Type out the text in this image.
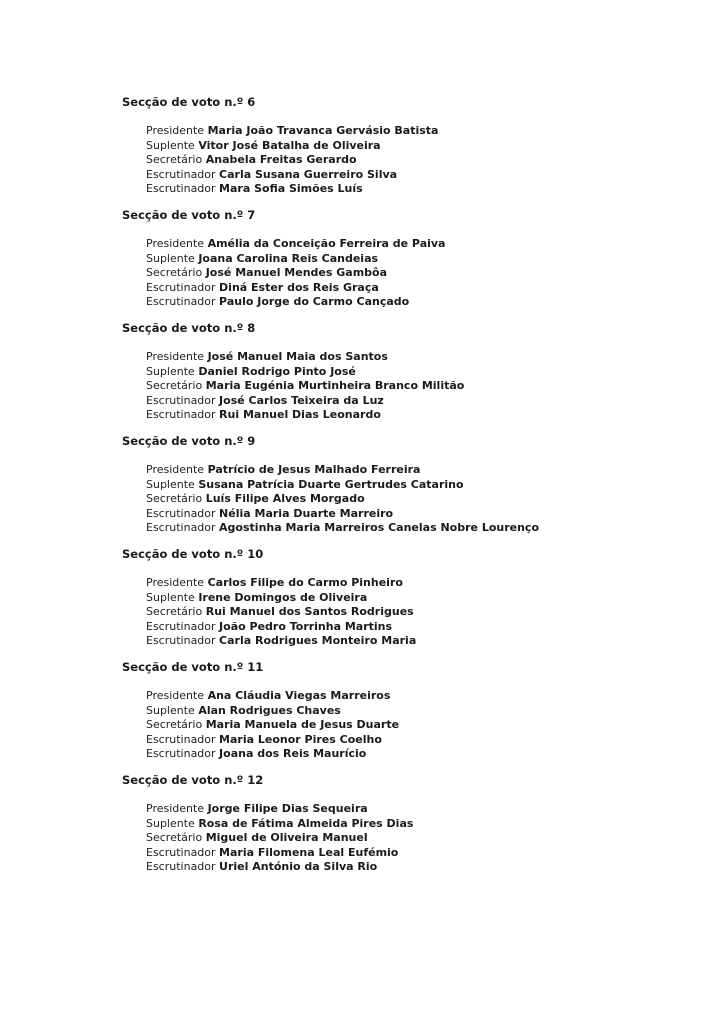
Secção de voto n.º 6
Presidente Maria João Travanca Gervásio Batista
Suplente Vitor José Batalha de Oliveira
Secretário Anabela Freitas Gerardo
Escrutinador Carla Susana Guerreiro Silva
Escrutinador Mara Sofia Simões Luís
Secção de voto n.º 7
Presidente Amélia da Conceição Ferreira de Paiva
Suplente Joana Carolina Reis Candeias
Secretário José Manuel Mendes Gambôa
Escrutinador Diná Ester dos Reis Graça
Escrutinador Paulo Jorge do Carmo Cançado
Secção de voto n.º 8
Presidente José Manuel Maia dos Santos
Suplente Daniel Rodrigo Pinto José
Secretário Maria Eugénia Murtinheira Branco Militão
Escrutinador José Carlos Teixeira da Luz
Escrutinador Rui Manuel Dias Leonardo
Secção de voto n.º 9
Presidente Patrício de Jesus Malhado Ferreira
Suplente Susana Patrícia Duarte Gertrudes Catarino
Secretário Luís Filipe Alves Morgado
Escrutinador Nélia Maria Duarte Marreiro
Escrutinador Agostinha Maria Marreiros Canelas Nobre Lourenço
Secção de voto n.º 10
Presidente Carlos Filipe do Carmo Pinheiro
Suplente Irene Domingos de Oliveira
Secretário Rui Manuel dos Santos Rodrigues
Escrutinador João Pedro Torrinha Martins
Escrutinador Carla Rodrigues Monteiro Maria
Secção de voto n.º 11
Presidente Ana Cláudia Viegas Marreiros
Suplente Alan Rodrigues Chaves
Secretário Maria Manuela de Jesus Duarte
Escrutinador Maria Leonor Pires Coelho
Escrutinador Joana dos Reis Maurício
Secção de voto n.º 12
Presidente Jorge Filipe Dias Sequeira
Suplente Rosa de Fátima Almeida Pires Dias
Secretário Miguel de Oliveira Manuel
Escrutinador Maria Filomena Leal Eufémio
Escrutinador Uriel António da Silva Rio
